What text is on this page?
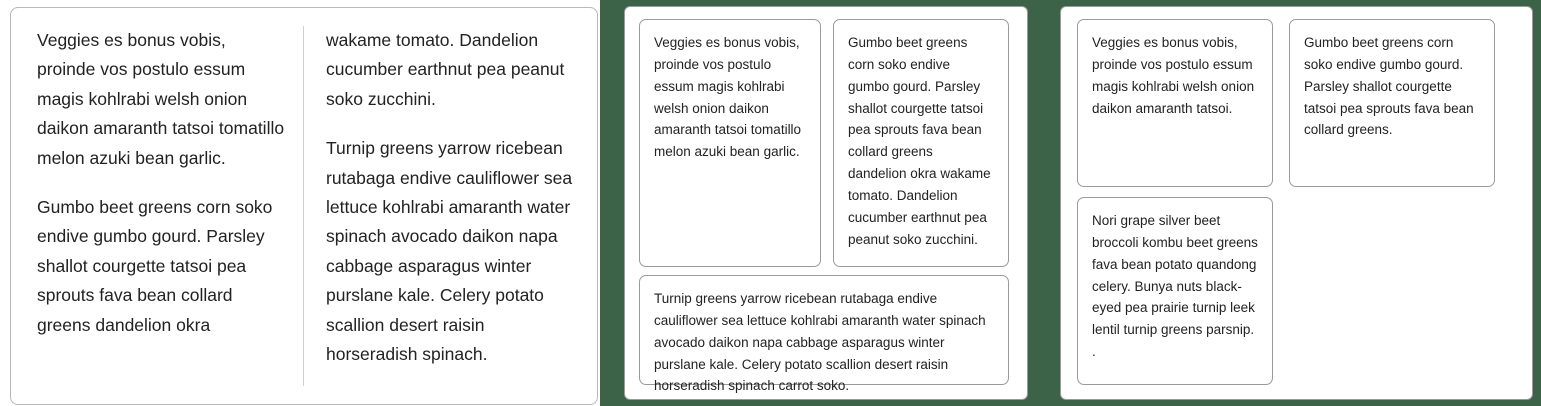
Veggies es bonus vobis, proinde vos postulo essum magis kohlrabi welsh onion daikon amaranth tatsoi tomatillo melon azuki bean garlic.

Gumbo beet greens corn soko endive gumbo gourd. Parsley shallot courgette tatsoi pea sprouts fava bean collard greens dandelion okra

wakame tomato. Dandelion cucumber earthnut pea peanut soko zucchini.

Turnip greens yarrow ricebean rutabaga endive cauliflower sea lettuce kohlrabi amaranth water spinach avocado daikon napa cabbage asparagus winter purslane kale. Celery potato scallion desert raisin horseradish spinach.

Veggies es bonus vobis, proinde vos postulo essum magis kohlrabi welsh onion daikon amaranth tatsoi tomatillo melon azuki bean garlic.

Gumbo beet greens corn soko endive gumbo gourd. Parsley shallot courgette tatsoi pea sprouts fava bean collard greens dandelion okra wakame tomato. Dandelion cucumber earthnut pea peanut soko zucchini.

Turnip greens yarrow ricebean rutabaga endive cauliflower sea lettuce kohlrabi amaranth water spinach avocado daikon napa cabbage asparagus winter purslane kale. Celery potato scallion desert raisin horseradish spinach carrot soko.

Veggies es bonus vobis, proinde vos postulo essum magis kohlrabi welsh onion daikon amaranth tatsoi.

Gumbo beet greens corn soko endive gumbo gourd. Parsley shallot courgette tatsoi pea sprouts fava bean collard greens.

Nori grape silver beet broccoli kombu beet greens fava bean potato quandong celery. Bunya nuts black-eyed pea prairie turnip leek lentil turnip greens parsnip. .
